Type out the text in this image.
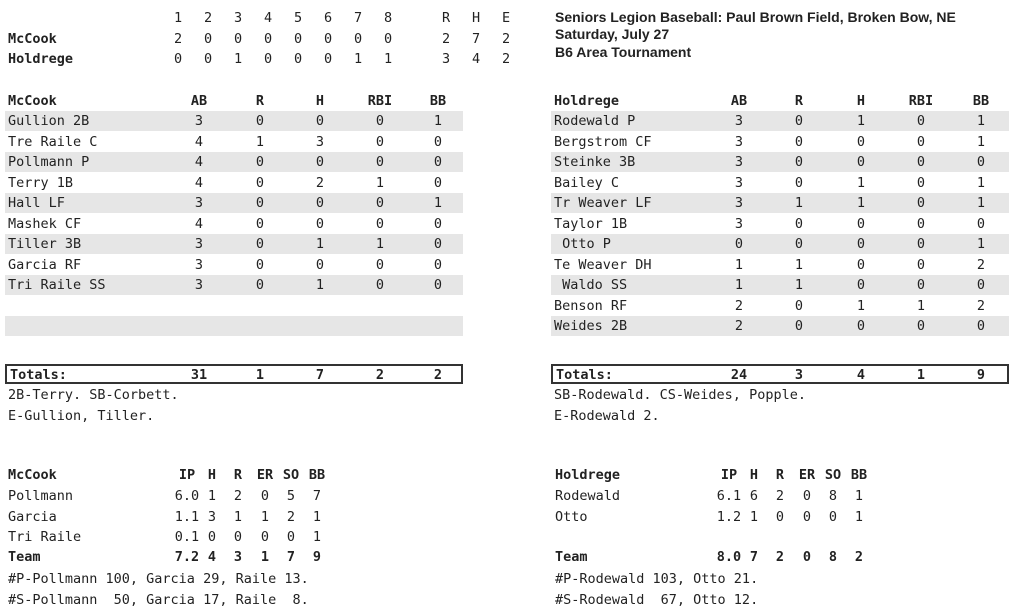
1 2 3 4 5 6 7 8	R H E
McCook	2 0 0 0 0 0 0 0	2 7 2
Holdrege	0 0 1 0 0 0 1 1	3 4 2
Seniors Legion Baseball: Paul Brown Field, Broken Bow, NE
Saturday, July 27
B6 Area Tournament
McCook	AB	R	H	RBI	BB
Gullion 2B	3	0	0	0	1
Tre Raile C	4	1	3	0	0
Pollmann P	4	0	0	0	0
Terry 1B	4	0	2	1	0
Hall LF	3	0	0	0	1
Mashek CF	4	0	0	0	0
Tiller 3B	3	0	1	1	0
Garcia RF	3	0	0	0	0
Tri Raile SS	3	0	1	0	0
Totals:	31	1	7	2	2
2B-Terry. SB-Corbett.
E-Gullion, Tiller.
Holdrege	AB	R	H	RBI	BB
Rodewald P	3	0	1	0	1
Bergstrom CF	3	0	0	0	1
Steinke 3B	3	0	0	0	0
Bailey C	3	0	1	0	1
Tr Weaver LF	3	1	1	0	1
Taylor 1B	3	0	0	0	0
Otto P	0	0	0	0	1
Te Weaver DH	1	1	0	0	2
Waldo SS	1	1	0	0	0
Benson RF	2	0	1	1	2
Weides 2B	2	0	0	0	0
Totals:	24	3	4	1	9
SB-Rodewald. CS-Weides, Popple.
E-Rodewald 2.
McCook	IP H	R	ER SO BB
Pollmann	6.0 1	2	0	5	7
Garcia	1.1 3	1	1	2	1
Tri Raile	0.1 0	0	0	0	1
Team	7.2 4	3	1	7	9
#P-Pollmann 100, Garcia 29, Raile 13.
#S-Pollmann  50, Garcia 17, Raile  8.
Holdrege	IP H	R	ER SO BB
Rodewald	6.1 6	2	0	8	1
Otto	1.2 1	0	0	0	1
Team	8.0 7	2	0	8	2
#P-Rodewald 103, Otto 21.
#S-Rodewald  67, Otto 12.
